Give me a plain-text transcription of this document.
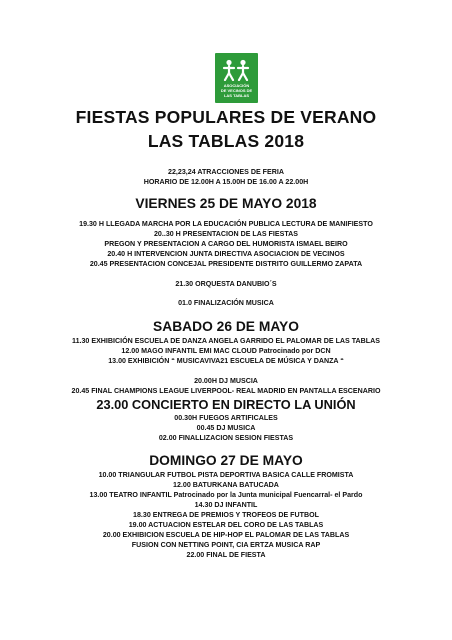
ASOCIACIÓN
DE VECINOS DE
LAS TABLAS
FIESTAS POPULARES DE VERANO
LAS TABLAS 2018
22,23,24 ATRACCIONES DE FERIA
HORARIO DE 12.00H A 15.00H DE 16.00 A 22.00H
VIERNES 25 DE MAYO 2018
19.30 H LLEGADA MARCHA POR LA EDUCACIÓN PUBLICA LECTURA DE MANIFIESTO
20..30 H PRESENTACION DE LAS FIESTAS
PREGON Y PRESENTACION A CARGO DEL HUMORISTA ISMAEL BEIRO
20.40 H INTERVENCION JUNTA DIRECTIVA ASOCIACION DE VECINOS
20.45 PRESENTACION CONCEJAL PRESIDENTE DISTRITO GUILLERMO ZAPATA
21.30 ORQUESTA DANUBIO´S
01.0 FINALIZACIÓN MUSICA
SABADO 26 DE MAYO
11.30 EXHIBICIÓN ESCUELA DE DANZA ANGELA GARRIDO EL PALOMAR DE LAS TABLAS
12.00 MAGO INFANTIL EMI MAC CLOUD Patrocinado por DCN
13.00 EXHIBICIÓN “ MUSICAVIVA21 ESCUELA DE MÚSICA Y DANZA “
20.00H DJ MUSCIA
20.45 FINAL CHAMPIONS LEAGUE LIVERPOOL- REAL MADRID EN PANTALLA ESCENARIO
23.00 CONCIERTO EN DIRECTO LA UNIÓN
00.30H FUEGOS ARTIFICALES
00.45 DJ MUSICA
02.00 FINALLIZACION SESION FIESTAS
DOMINGO 27 DE MAYO
10.00 TRIANGULAR FUTBOL PISTA DEPORTIVA BASICA CALLE FROMISTA
12.00 BATURKANA BATUCADA
13.00 TEATRO INFANTIL Patrocinado por la Junta municipal Fuencarral- el Pardo
14.30 DJ INFANTIL
18.30 ENTREGA DE PREMIOS Y TROFEOS DE FUTBOL
19.00 ACTUACION ESTELAR DEL CORO DE LAS TABLAS
20.00 EXHIBICION ESCUELA DE HIP-HOP EL PALOMAR DE LAS TABLAS
FUSION CON NETTING POINT, CIA ERTZA MUSICA RAP
22.00 FINAL DE FIESTA
